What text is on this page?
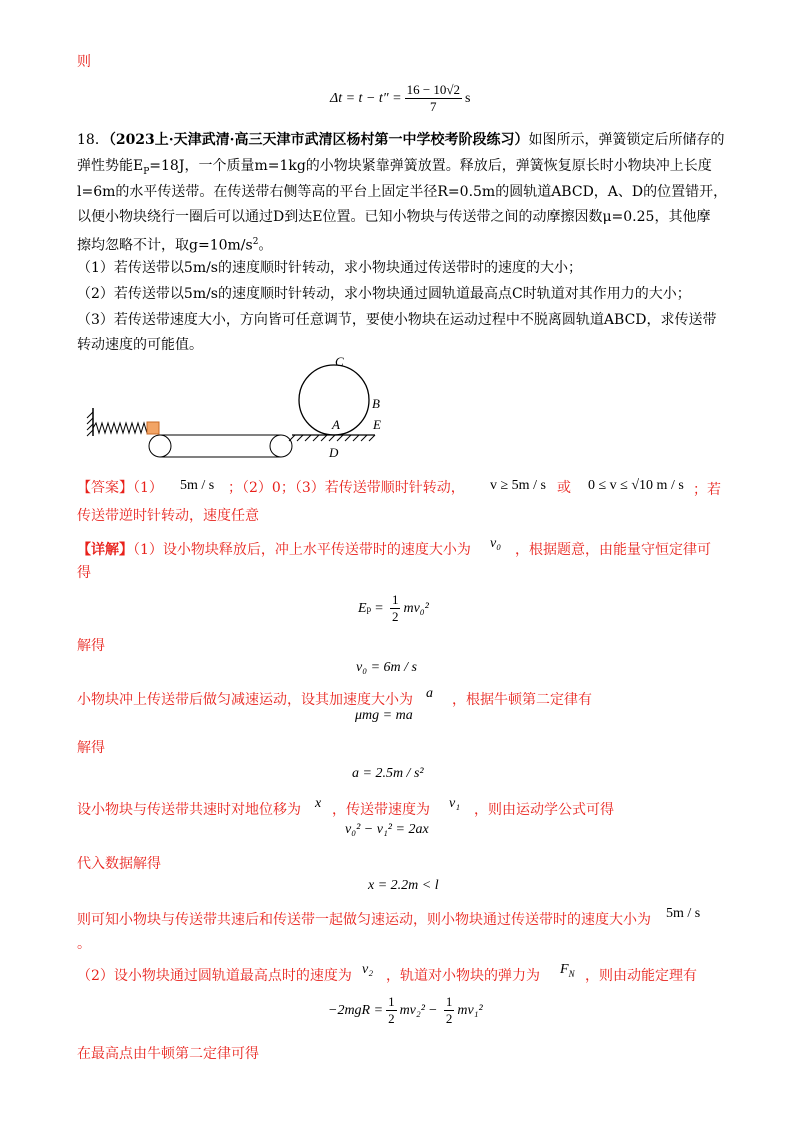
则
$\Delta t = t - t'' = \frac{16 - 10√2}{7}$ s
18．（2023上·天津武清·高三天津市武清区杨村第一中学校考阶段练习）如图所示，弹簧锁定后所储存的
弹性势能$E_P=18J$，一个质量m=1kg的小物块紧靠弹簧放置。释放后，弹簧恢复原长时小物块冲上长度
l=6m的水平传送带。在传送带右侧等高的平台上固定半径R=0.5m的圆轨道ABCD，A、D的位置错开，
以便小物块绕行一圈后可以通过D到达E位置。已知小物块与传送带之间的动摩擦因数μ=0.25，其他摩
擦均忽略不计，取$g=10m/s^2$。
（1）若传送带以5m/s的速度顺时针转动，求小物块通过传送带时的速度的大小；
（2）若传送带以5m/s的速度顺时针转动，求小物块通过圆轨道最高点C时轨道对其作用力的大小；
（3）若传送带速度大小，方向皆可任意调节，要使小物块在运动过程中不脱离圆轨道ABCD，求传送带
转动速度的可能值。
C
B
A	E
D
【答案】（1） 5m / s ；（2）0；（3）若传送带顺时针转动， v ≥ 5m / s 或 0 ≤ v ≤ √10 m / s ；若
传送带逆时针转动，速度任意
【详解】（1）设小物块释放后，冲上水平传送带时的速度大小为 v₀ ，根据题意，由能量守恒定律可
得
E $p = \frac{1}{2} mv_0^2$
解得
v₀ = 6m / s
小物块冲上传送带后做匀减速运动，设其加速度大小为 a ，根据牛顿第二定律有
μmg = ma
解得
a = 2.5m / s²
设小物块与传送带共速时对地位移为 x ，传送带速度为 v₁ ，则由运动学公式可得
v₀² − v₁² = 2ax
代入数据解得
x = 2.2m < l
则可知小物块与传送带共速后和传送带一起做匀速运动，则小物块通过传送带时的速度大小为 5m / s
。
（2）设小物块通过圆轨道最高点时的速度为 v₂ ，轨道对小物块的弹力为 $F_N$ ，则由动能定理有
$-2mgR = \frac{1}{2} mv_2^2 - \frac{1}{2} mv_1^2$
在最高点由牛顿第二定律可得
